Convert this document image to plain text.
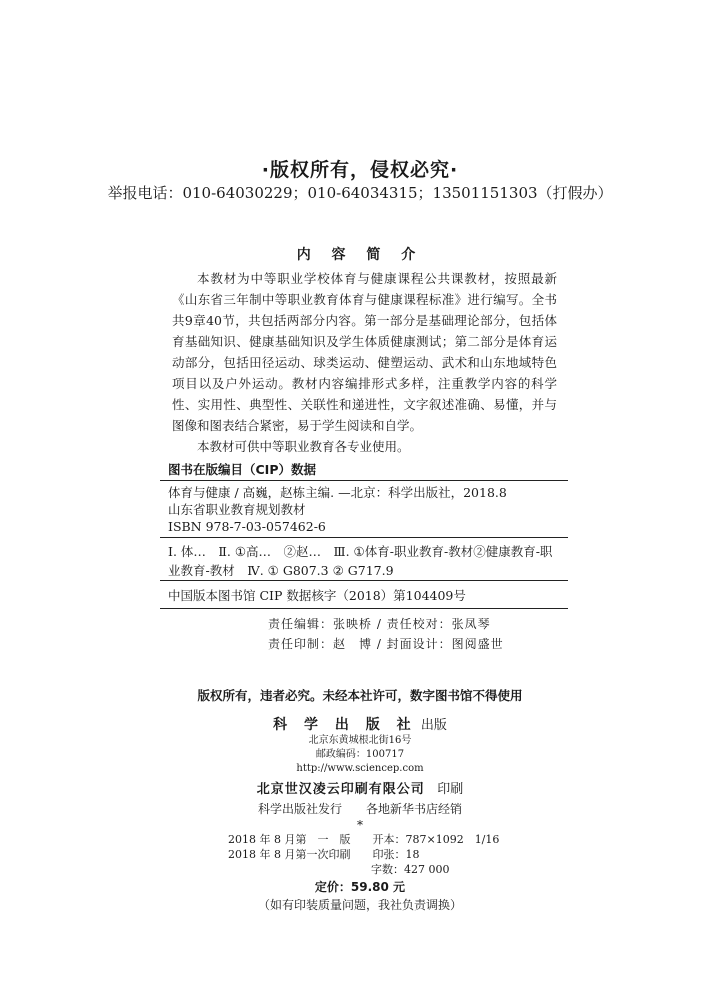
·版权所有，侵权必究·
举报电话：010-64030229；010-64034315；13501151303（打假办）
内 容 简 介

本教材为中等职业学校体育与健康课程公共课教材，按照最新《山东省三年制中等职业教育体育与健康课程标准》进行编写。全书共9章40节，共包括两部分内容。第一部分是基础理论部分，包括体育基础知识、健康基础知识及学生体质健康测试；第二部分是体育运动部分，包括田径运动、球类运动、健塑运动、武术和山东地域特色项目以及户外运动。教材内容编排形式多样，注重教学内容的科学性、实用性、典型性、关联性和递进性，文字叙述准确、易懂，并与图像和图表结合紧密，易于学生阅读和自学。

本教材可供中等职业教育各专业使用。

图书在版编目（CIP）数据
体育与健康 / 高巍，赵栋主编. —北京：科学出版社，2018.8
山东省职业教育规划教材
ISBN 978-7-03-057462-6
Ⅰ. 体…　Ⅱ. ①高…　②赵…　Ⅲ. ①体育-职业教育-教材②健康教育-职业教育-教材　Ⅳ. ① G807.3 ② G717.9
中国版本图书馆 CIP 数据核字（2018）第104409号
责任编辑：张映桥 / 责任校对：张凤琴
责任印制：赵　博 / 封面设计：图阅盛世
版权所有，违者必究。未经本社许可，数字图书馆不得使用
科 学 出 版 社 出版
北京东黄城根北街16号
邮政编码：100717
http://www.sciencep.com
北京世汉凌云印刷有限公司 印刷
科学出版社发行　　各地新华书店经销
*
2018 年 8 月第　一　版　　开本：787×1092　1/16
2018 年 8 月第一次印刷　　印张：18
　　　　　　　　　　　　　字数：427 000
定价：59.80 元
（如有印装质量问题，我社负责调换）
